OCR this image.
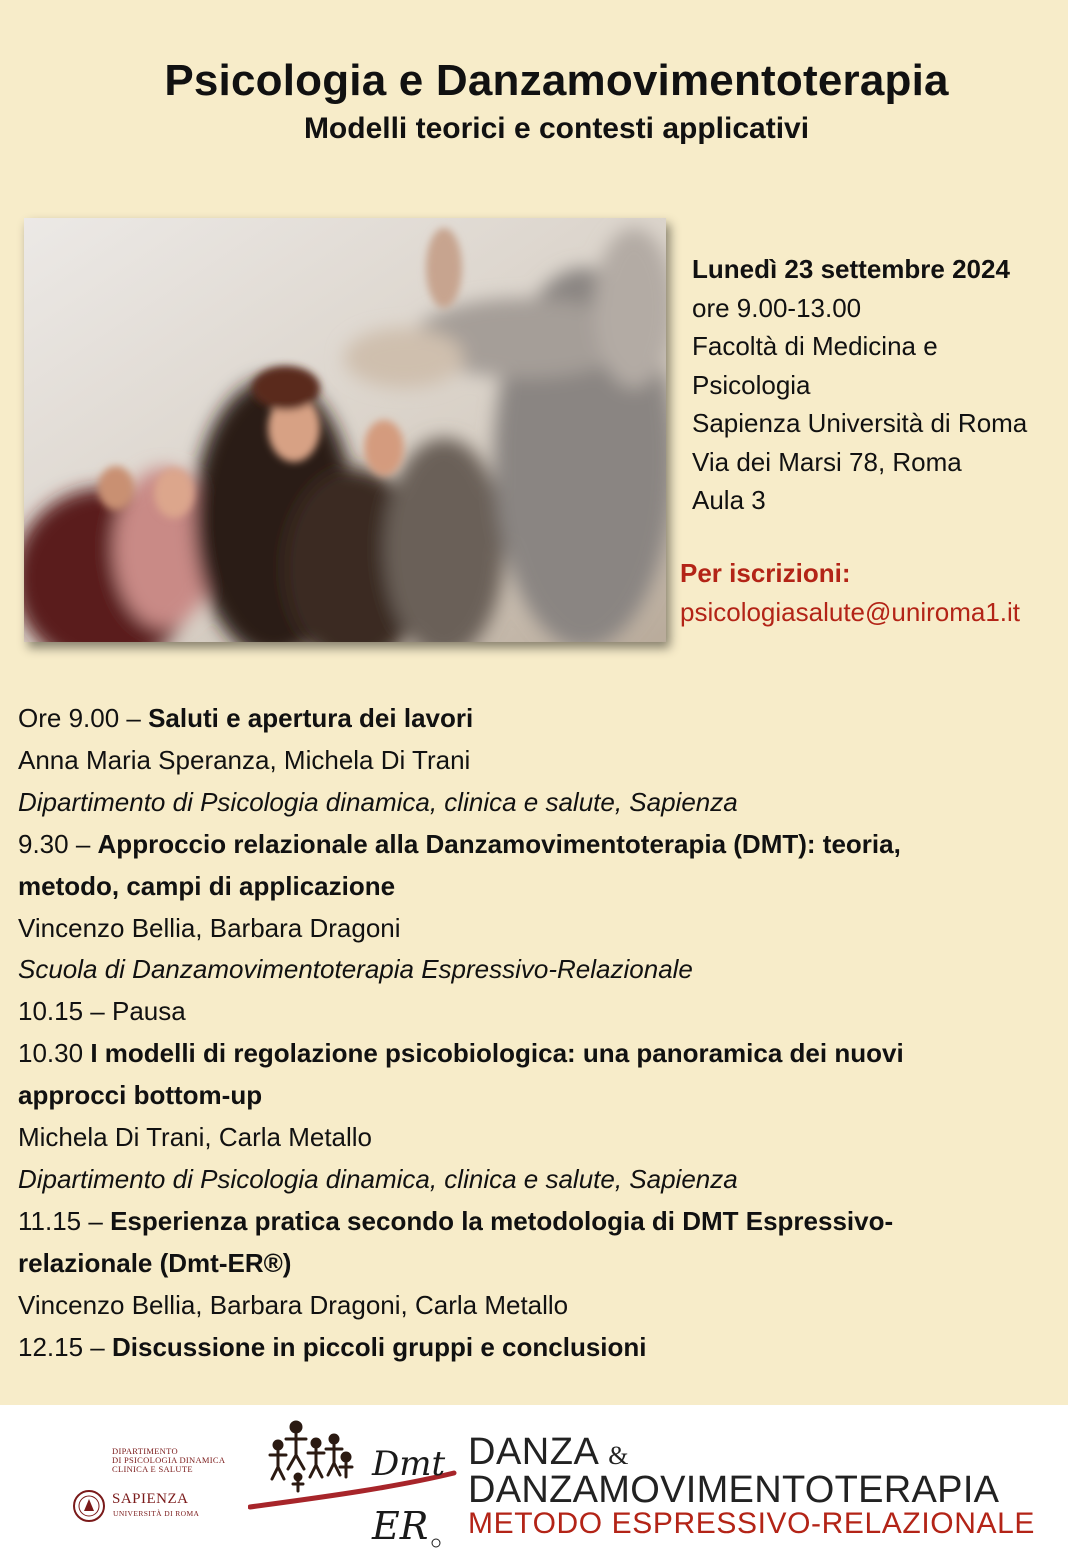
Psicologia e Danzamovimentoterapia
Modelli teorici e contesti applicativi
Lunedì 23 settembre 2024
ore 9.00-13.00
Facoltà di Medicina e
Psicologia
Sapienza Università di Roma
Via dei Marsi 78, Roma
Aula 3
Per iscrizioni:
psicologiasalute@uniroma1.it
Ore 9.00 – Saluti e apertura dei lavori
Anna Maria Speranza, Michela Di Trani
Dipartimento di Psicologia dinamica, clinica e salute, Sapienza
9.30 – Approccio relazionale alla Danzamovimentoterapia (DMT): teoria,
metodo, campi di applicazione
Vincenzo Bellia, Barbara Dragoni
Scuola di Danzamovimentoterapia Espressivo-Relazionale
10.15 – Pausa
10.30 I modelli di regolazione psicobiologica: una panoramica dei nuovi
approcci bottom-up
Michela Di Trani, Carla Metallo
Dipartimento di Psicologia dinamica, clinica e salute, Sapienza
11.15 – Esperienza pratica secondo la metodologia di DMT Espressivo-
relazionale (Dmt-ER®)
Vincenzo Bellia, Barbara Dragoni, Carla Metallo
12.15 – Discussione in piccoli gruppi e conclusioni
DIPARTIMENTO
DI PSICOLOGIA DINAMICA
CLINICA E SALUTE
SAPIENZA
UNIVERSITÀ DI ROMA
Dmt
ER
DANZA &
DANZAMOVIMENTOTERAPIA
METODO ESPRESSIVO-RELAZIONALE
